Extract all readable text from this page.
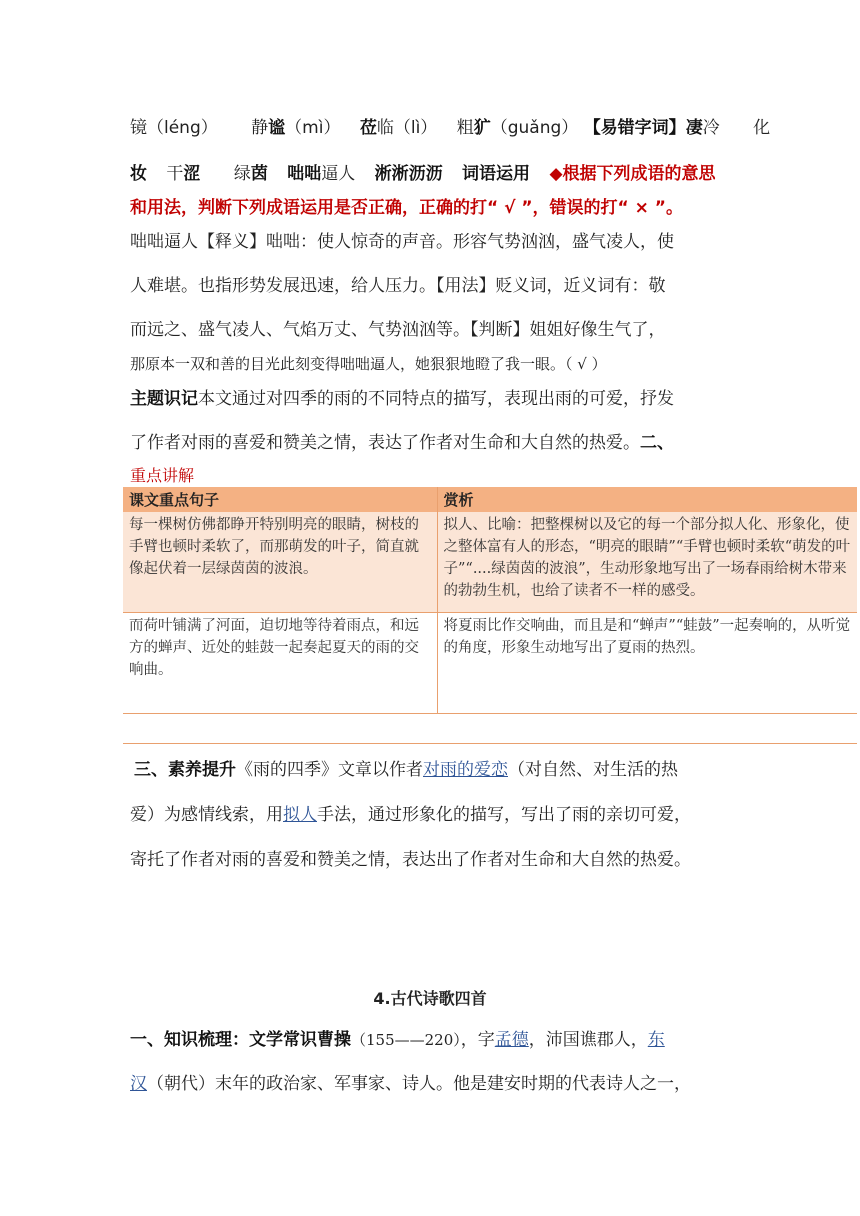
镜（léng） 静谧（mì） 莅临（lì） 粗犷（guǎng） 【易错字词】凄冷 化
妆 干涩 绿茵 咄咄逼人 淅淅沥沥 词语运用 ◆根据下列成语的意思
和用法，判断下列成语运用是否正确，正确的打“ √ ”，错误的打“ × ”。
咄咄逼人【释义】咄咄：使人惊奇的声音。形容气势汹汹，盛气凌人，使
人难堪。也指形势发展迅速，给人压力。【用法】贬义词，近义词有：敬
而远之、盛气凌人、气焰万丈、气势汹汹等。【判断】姐姐好像生气了，
那原本一双和善的目光此刻变得咄咄逼人，她狠狠地瞪了我一眼。（ √ ）
主题识记本文通过对四季的雨的不同特点的描写，表现出雨的可爱，抒发
了作者对雨的喜爱和赞美之情，表达了作者对生命和大自然的热爱。二、
重点讲解
课文重点句子	赏析
每一棵树仿佛都睁开特别明亮的眼睛，树枝的手臂也顿时柔软了，而那萌发的叶子，简直就像起伏着一层绿茵茵的波浪。	拟人、比喻：把整棵树以及它的每一个部分拟人化、形象化，使之整体富有人的形态，“明亮的眼睛”“手臂也顿时柔软“萌发的叶子”“....绿茵茵的波浪”，生动形象地写出了一场春雨给树木带来的勃勃生机，也给了读者不一样的感受。
而荷叶铺满了河面，迫切地等待着雨点，和远方的蝉声、近处的蛙鼓一起奏起夏天的雨的交响曲。	将夏雨比作交响曲，而且是和“蝉声”“蛙鼓”一起奏响的，从听觉的角度，形象生动地写出了夏雨的热烈。
三、素养提升《雨的四季》文章以作者对雨的爱恋（对自然、对生活的热
爱）为感情线索，用拟人手法，通过形象化的描写，写出了雨的亲切可爱，
寄托了作者对雨的喜爱和赞美之情，表达出了作者对生命和大自然的热爱。
4.古代诗歌四首
一、知识梳理：文学常识曹操（155——220），字孟德，沛国谯郡人，东
汉（朝代）末年的政治家、军事家、诗人。他是建安时期的代表诗人之一，
